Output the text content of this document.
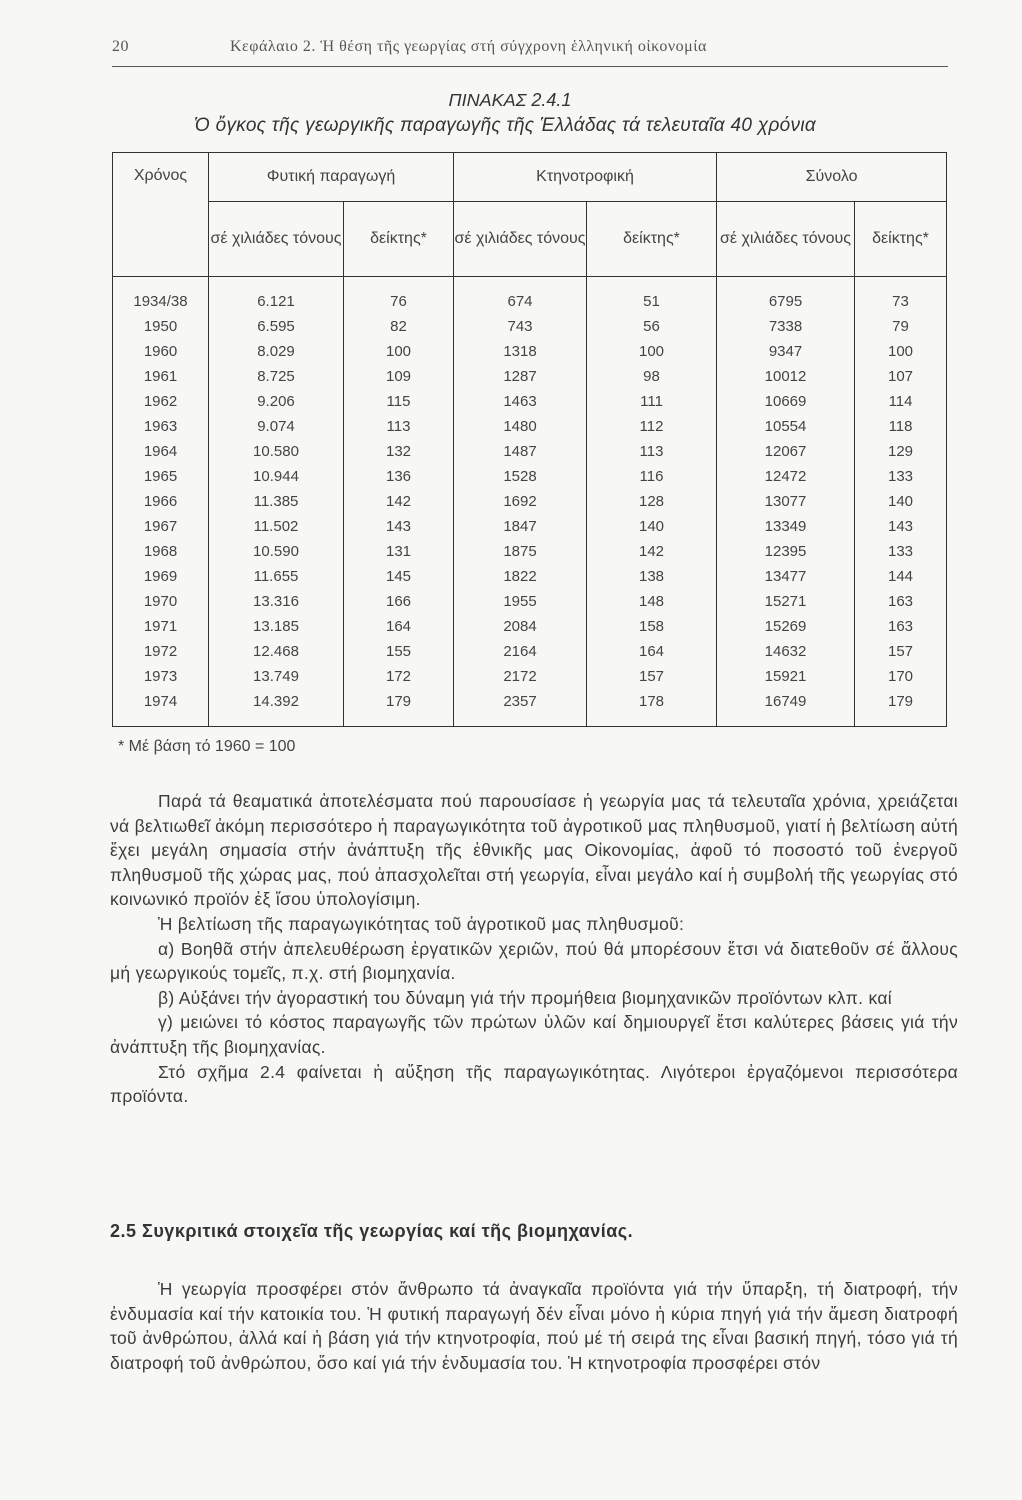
20	Κεφάλαιο 2. Ἡ θέση τῆς γεωργίας στή σύγχρονη ἑλληνική οἰκονομία
ΠΙΝΑΚΑΣ 2.4.1
Ὁ ὄγκος τῆς γεωργικῆς παραγωγῆς τῆς Ἑλλάδας τά τελευταῖα 40 χρόνια
Χρόνος	Φυτική παραγωγή		Κτηνοτροφική		Σύνολο	
	σέ χιλιάδες τόνους	δείκτης*	σέ χιλιάδες τόνους	δείκτης*	σέ χιλιάδες τόνους	δείκτης*
1934/38	6.121	76	674	51	6795	73
1950	6.595	82	743	56	7338	79
1960	8.029	100	1318	100	9347	100
1961	8.725	109	1287	98	10012	107
1962	9.206	115	1463	111	10669	114
1963	9.074	113	1480	112	10554	118
1964	10.580	132	1487	113	12067	129
1965	10.944	136	1528	116	12472	133
1966	11.385	142	1692	128	13077	140
1967	11.502	143	1847	140	13349	143
1968	10.590	131	1875	142	12395	133
1969	11.655	145	1822	138	13477	144
1970	13.316	166	1955	148	15271	163
1971	13.185	164	2084	158	15269	163
1972	12.468	155	2164	164	14632	157
1973	13.749	172	2172	157	15921	170
1974	14.392	179	2357	178	16749	179
* Μέ βάση τό 1960 = 100

Παρά τά θεαματικά ἀποτελέσματα πού παρουσίασε ἡ γεωργία μας τά τελευταῖα χρόνια, χρειάζεται νά βελτιωθεῖ ἀκόμη περισσότερο ἡ παραγωγικότητα τοῦ ἀγροτικοῦ μας πληθυσμοῦ, γιατί ἡ βελτίωση αὐτή ἔχει μεγάλη σημασία στήν ἀνάπτυξη τῆς ἐθνικῆς μας Οἰκονομίας, ἀφοῦ τό ποσοστό τοῦ ἐνεργοῦ πληθυσμοῦ τῆς χώρας μας, πού ἀπασχολεῖται στή γεωργία, εἶναι μεγάλο καί ἡ συμβολή τῆς γεωργίας στό κοινωνικό προϊόν ἐξ ἴσου ὑπολογίσιμη.

Ἡ βελτίωση τῆς παραγωγικότητας τοῦ ἀγροτικοῦ μας πληθυσμοῦ:

α) Βοηθᾶ στήν ἀπελευθέρωση ἐργατικῶν χεριῶν, πού θά μπορέσουν ἔτσι νά διατεθοῦν σέ ἄλλους μή γεωργικούς τομεῖς, π.χ. στή βιομηχανία.

β) Αὐξάνει τήν ἀγοραστική του δύναμη γιά τήν προμήθεια βιομηχανικῶν προϊόντων κλπ. καί

γ) μειώνει τό κόστος παραγωγῆς τῶν πρώτων ὑλῶν καί δημιουργεῖ ἔτσι καλύτερες βάσεις γιά τήν ἀνάπτυξη τῆς βιομηχανίας.

Στό σχῆμα 2.4 φαίνεται ἡ αὔξηση τῆς παραγωγικότητας. Λιγότεροι ἐργαζόμενοι περισσότερα προϊόντα.

2.5 Συγκριτικά στοιχεῖα τῆς γεωργίας καί τῆς βιομηχανίας.

Ἡ γεωργία προσφέρει στόν ἄνθρωπο τά ἀναγκαῖα προϊόντα γιά τήν ὕπαρξη, τή διατροφή, τήν ἐνδυμασία καί τήν κατοικία του. Ἡ φυτική παραγωγή δέν εἶναι μόνο ἡ κύρια πηγή γιά τήν ἄμεση διατροφή τοῦ ἀνθρώπου, ἀλλά καί ἡ βάση γιά τήν κτηνοτροφία, πού μέ τή σειρά της εἶναι βασική πηγή, τόσο γιά τή διατροφή τοῦ ἀνθρώπου, ὅσο καί γιά τήν ἐνδυμασία του. Ἡ κτηνοτροφία προσφέρει στόν
